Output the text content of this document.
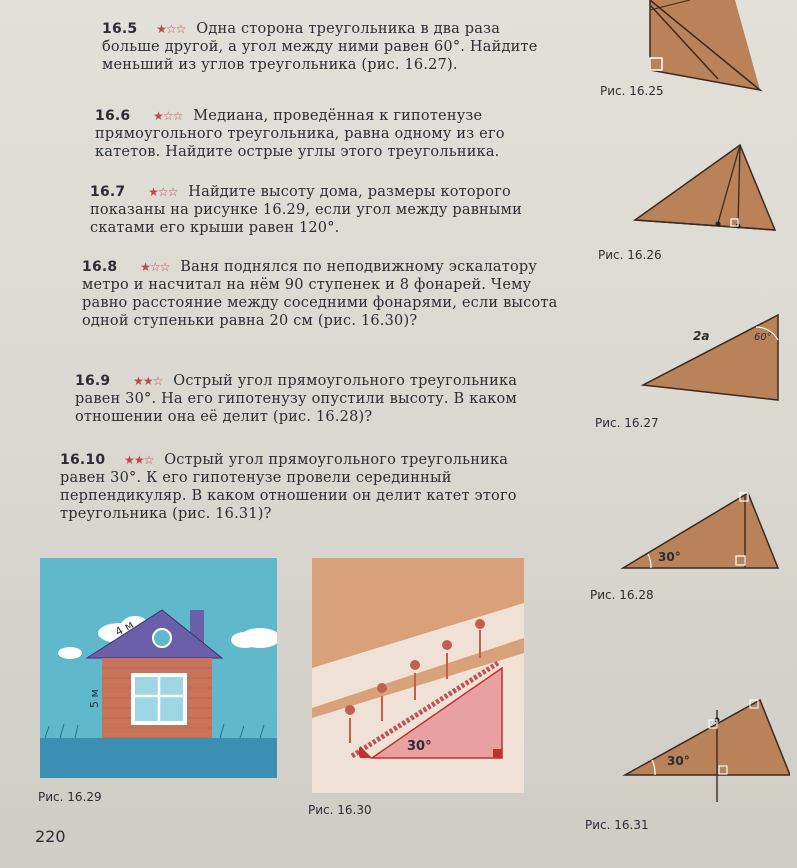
16.5 ★☆☆ Одна сторона треугольника в два раза больше другой, а угол между ними равен 60°. Найдите меньший из углов треугольника (рис. 16.27).
16.6 ★☆☆ Медиана, проведённая к гипотенузе прямоугольного треугольника, равна одному из его катетов. Найдите острые углы этого треугольника.
16.7 ★☆☆ Найдите высоту дома, размеры которого показаны на рисунке 16.29, если угол между равными скатами его крыши равен 120°.
16.8 ★☆☆ Ваня поднялся по неподвижному эскалатору метро и насчитал на нём 90 ступенек и 8 фонарей. Чему равно расстояние между соседними фонарями, если высота одной ступеньки равна 20 см (рис. 16.30)?
16.9 ★★☆ Острый угол прямоугольного треугольника равен 30°. На его гипотенузу опустили высоту. В каком отношении она её делит (рис. 16.28)?
16.10 ★★☆ Острый угол прямоугольного треугольника равен 30°. К его гипотенузе провели серединный перпендикуляр. В каком отношении он делит катет этого треугольника (рис. 16.31)?
Рис. 16.25
Рис. 16.26
2a	60°
Рис. 16.27
30°
Рис. 16.28
4 м
5 м
Рис. 16.29
30°
Рис. 16.30
30°
Рис. 16.31
220
